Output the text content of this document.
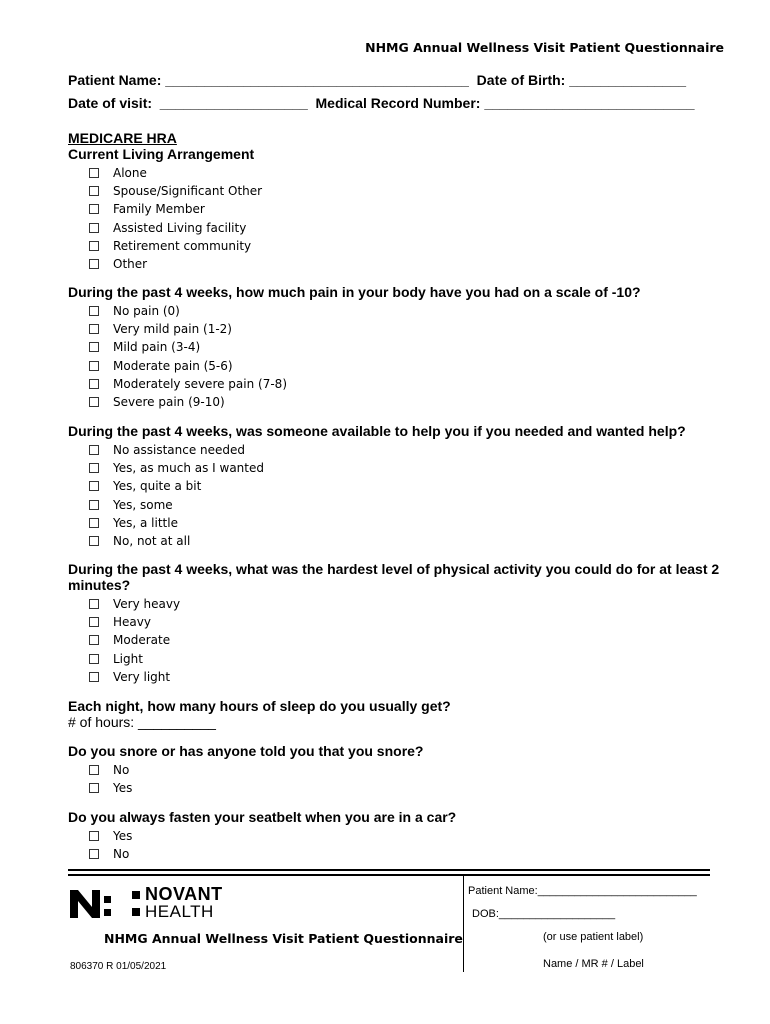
NHMG Annual Wellness Visit Patient Questionnaire
Patient Name: _______________________________________  Date of Birth: _______________
Date of visit:  ___________________  Medical Record Number: ___________________________
MEDICARE HRA
Current Living Arrangement
Alone
Spouse/Significant Other
Family Member
Assisted Living facility
Retirement community
Other
During the past 4 weeks, how much pain in your body have you had on a scale of -10?
No pain (0)
Very mild pain (1-2)
Mild pain (3-4)
Moderate pain (5-6)
Moderately severe pain (7-8)
Severe pain (9-10)
During the past 4 weeks, was someone available to help you if you needed and wanted help?
No assistance needed
Yes, as much as I wanted
Yes, quite a bit
Yes, some
Yes, a little
No, not at all
During the past 4 weeks, what was the hardest level of physical activity you could do for at least 2 minutes?
Very heavy
Heavy
Moderate
Light
Very light
Each night, how many hours of sleep do you usually get?
# of hours: __________
Do you snore or has anyone told you that you snore?
No
Yes
Do you always fasten your seatbelt when you are in a car?
Yes
No
NOVANT
HEALTH
NHMG Annual Wellness Visit Patient Questionnaire
806370 R 01/05/2021
Patient Name:__________________________
DOB:___________________
(or use patient label)
Name / MR # / Label
